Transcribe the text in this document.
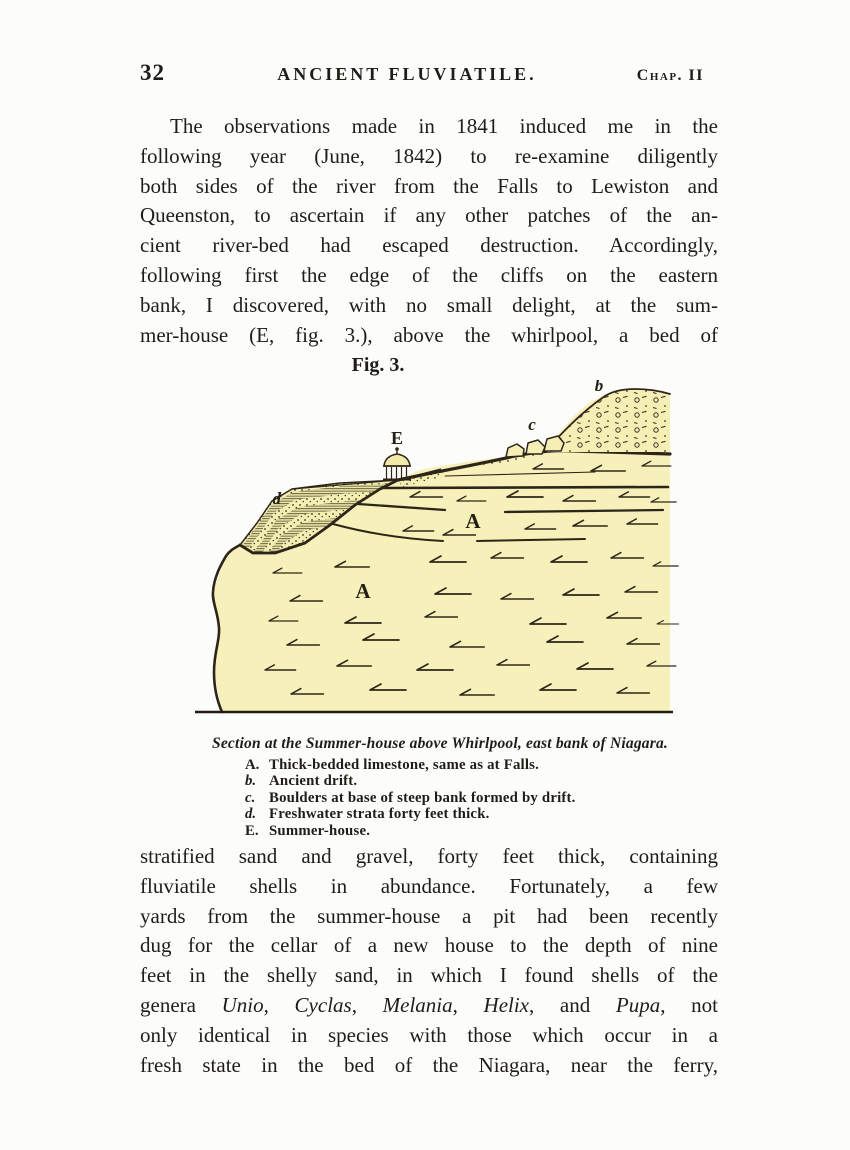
32	ANCIENT FLUVIATILE.	Chap. II
The observations made in 1841 induced me in the
following year (June, 1842) to re-examine diligently
both sides of the river from the Falls to Lewiston and
Queenston, to ascertain if any other patches of the an-
cient river-bed had escaped destruction. Accordingly,
following first the edge of the cliffs on the eastern
bank, I discovered, with no small delight, at the sum-
mer-house (E, fig. 3.), above the whirlpool, a bed of
Fig. 3.
E
b
c
d
A
A
Section at the Summer-house above Whirlpool, east bank of Niagara.
A. Thick-bedded limestone, same as at Falls.
b. Ancient drift.
c. Boulders at base of steep bank formed by drift.
d. Freshwater strata forty feet thick.
E. Summer-house.
stratified sand and gravel, forty feet thick, containing
fluviatile shells in abundance. Fortunately, a few
yards from the summer-house a pit had been recently
dug for the cellar of a new house to the depth of nine
feet in the shelly sand, in which I found shells of the
genera Unio, Cyclas, Melania, Helix, and Pupa, not
only identical in species with those which occur in a
fresh state in the bed of the Niagara, near the ferry,
